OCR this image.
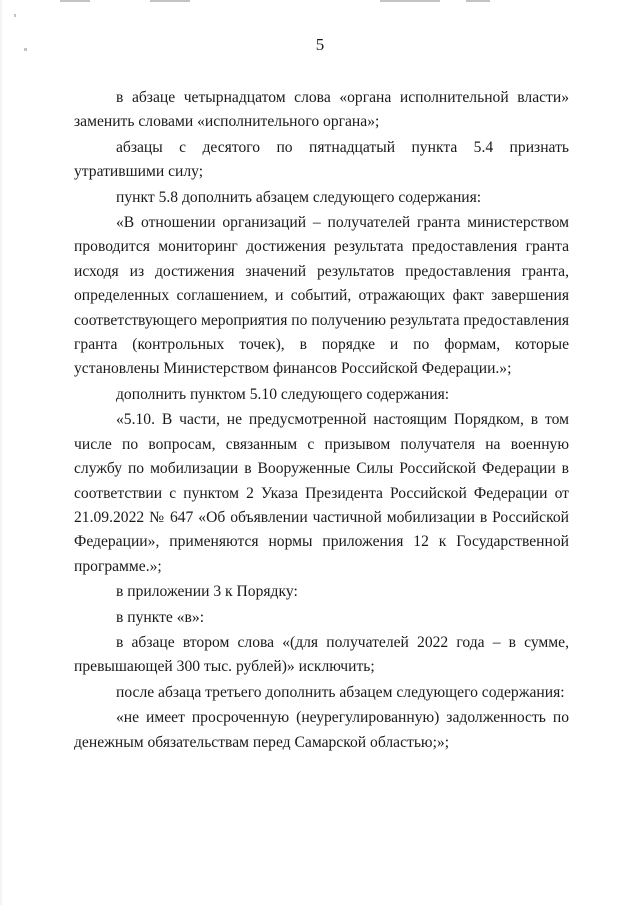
5

в абзаце четырнадцатом слова «органа исполнительной власти» заменить словами «исполнительного органа»;

абзацы с десятого по пятнадцатый пункта 5.4 признать утратившими силу;

пункт 5.8 дополнить абзацем следующего содержания:

«В отношении организаций – получателей гранта министерством проводится мониторинг достижения результата предоставления гранта исходя из достижения значений результатов предоставления гранта, определенных соглашением, и событий, отражающих факт завершения соответствующего мероприятия по получению результата предоставления гранта (контрольных точек), в порядке и по формам, которые установлены Министерством финансов Российской Федерации.»;

дополнить пунктом 5.10 следующего содержания:

«5.10. В части, не предусмотренной настоящим Порядком, в том числе по вопросам, связанным с призывом получателя на военную службу по мобилизации в Вооруженные Силы Российской Федерации в соответствии с пунктом 2 Указа Президента Российской Федерации от 21.09.2022 № 647 «Об объявлении частичной мобилизации в Российской Федерации», применяются нормы приложения 12 к Государственной программе.»;

в приложении 3 к Порядку:

в пункте «в»:

в абзаце втором слова «(для получателей 2022 года – в сумме, превышающей 300 тыс. рублей)» исключить;

после абзаца третьего дополнить абзацем следующего содержания:

«не имеет просроченную (неурегулированную) задолженность по денежным обязательствам перед Самарской областью;»;
